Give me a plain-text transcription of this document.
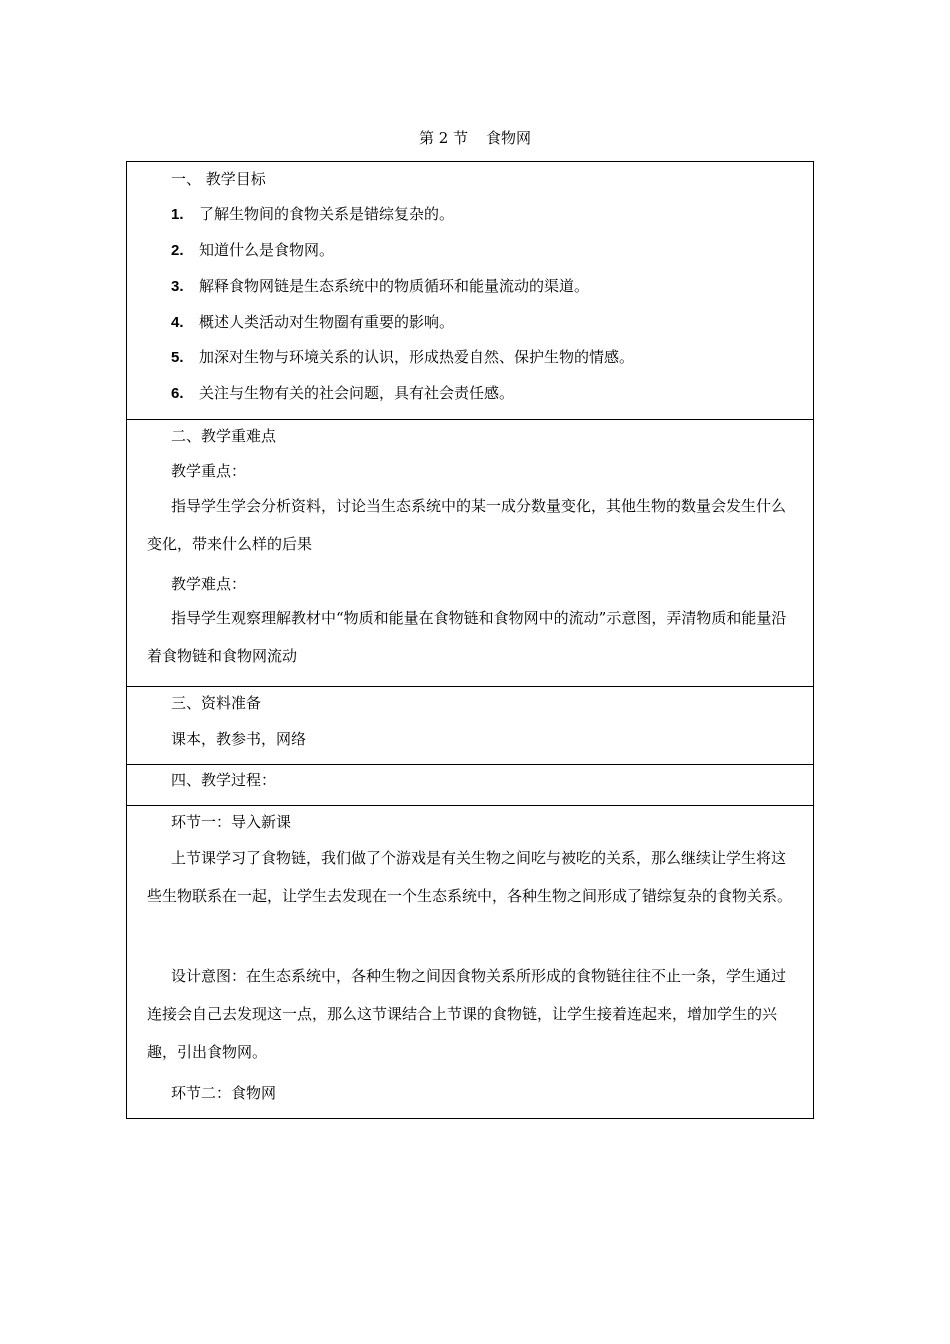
第 2 节 食物网
一、 教学目标
1. 了解生物间的食物关系是错综复杂的。
2. 知道什么是食物网。
3. 解释食物网链是生态系统中的物质循环和能量流动的渠道。
4. 概述人类活动对生物圈有重要的影响。
5. 加深对生物与环境关系的认识，形成热爱自然、保护生物的情感。
6. 关注与生物有关的社会问题，具有社会责任感。
二、教学重难点
教学重点：
指导学生学会分析资料，讨论当生态系统中的某一成分数量变化，其他生物的数量会发生什么变化，带来什么样的后果
教学难点：
指导学生观察理解教材中“物质和能量在食物链和食物网中的流动”示意图，弄清物质和能量沿着食物链和食物网流动
三、资料准备
课本，教参书，网络
四、教学过程：
环节一：导入新课
上节课学习了食物链，我们做了个游戏是有关生物之间吃与被吃的关系，那么继续让学生将这些生物联系在一起，让学生去发现在一个生态系统中，各种生物之间形成了错综复杂的食物关系。
设计意图：在生态系统中，各种生物之间因食物关系所形成的食物链往往不止一条，学生通过连接会自己去发现这一点，那么这节课结合上节课的食物链，让学生接着连起来，增加学生的兴趣，引出食物网。
环节二：食物网
